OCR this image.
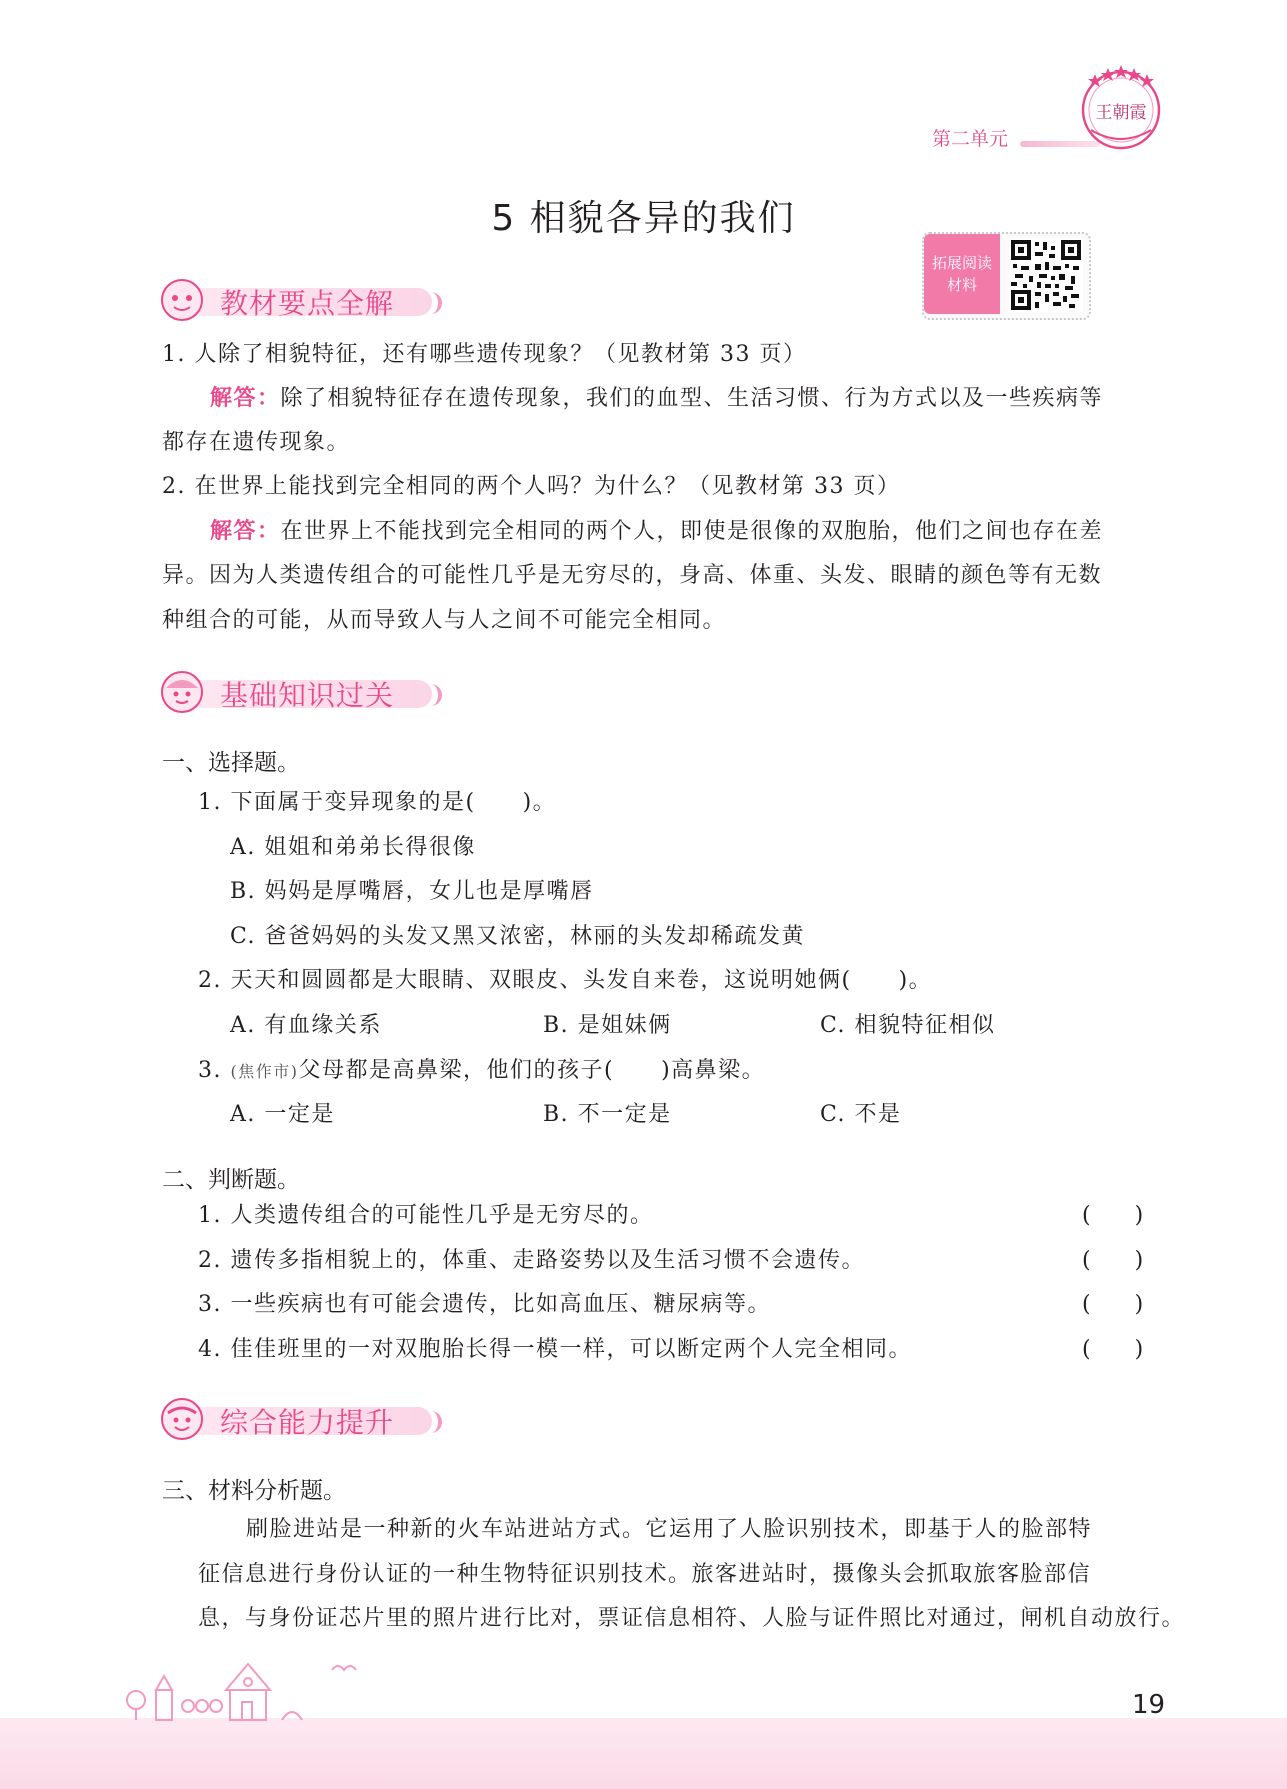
第二单元
王朝霞
5 相貌各异的我们
拓展阅读
材料
教材要点全解
1. 人除了相貌特征，还有哪些遗传现象？（见教材第 33 页）
解答：除了相貌特征存在遗传现象，我们的血型、生活习惯、行为方式以及一些疾病等
都存在遗传现象。
2. 在世界上能找到完全相同的两个人吗？为什么？（见教材第 33 页）
解答：在世界上不能找到完全相同的两个人，即使是很像的双胞胎，他们之间也存在差
异。因为人类遗传组合的可能性几乎是无穷尽的，身高、体重、头发、眼睛的颜色等有无数
种组合的可能，从而导致人与人之间不可能完全相同。
基础知识过关
一、选择题。
1. 下面属于变异现象的是(　　)。
A. 姐姐和弟弟长得很像
B. 妈妈是厚嘴唇，女儿也是厚嘴唇
C. 爸爸妈妈的头发又黑又浓密，林丽的头发却稀疏发黄
2. 天天和圆圆都是大眼睛、双眼皮、头发自来卷，这说明她俩(　　)。
A. 有血缘关系	B. 是姐妹俩	C. 相貌特征相似
3. (焦作市)父母都是高鼻梁，他们的孩子(　　)高鼻梁。
A. 一定是	B. 不一定是	C. 不是
二、判断题。
1. 人类遗传组合的可能性几乎是无穷尽的。	(　　)
2. 遗传多指相貌上的，体重、走路姿势以及生活习惯不会遗传。	(　　)
3. 一些疾病也有可能会遗传，比如高血压、糖尿病等。	(　　)
4. 佳佳班里的一对双胞胎长得一模一样，可以断定两个人完全相同。	(　　)
综合能力提升
三、材料分析题。
刷脸进站是一种新的火车站进站方式。它运用了人脸识别技术，即基于人的脸部特
征信息进行身份认证的一种生物特征识别技术。旅客进站时，摄像头会抓取旅客脸部信
息，与身份证芯片里的照片进行比对，票证信息相符、人脸与证件照比对通过，闸机自动放行。
19
